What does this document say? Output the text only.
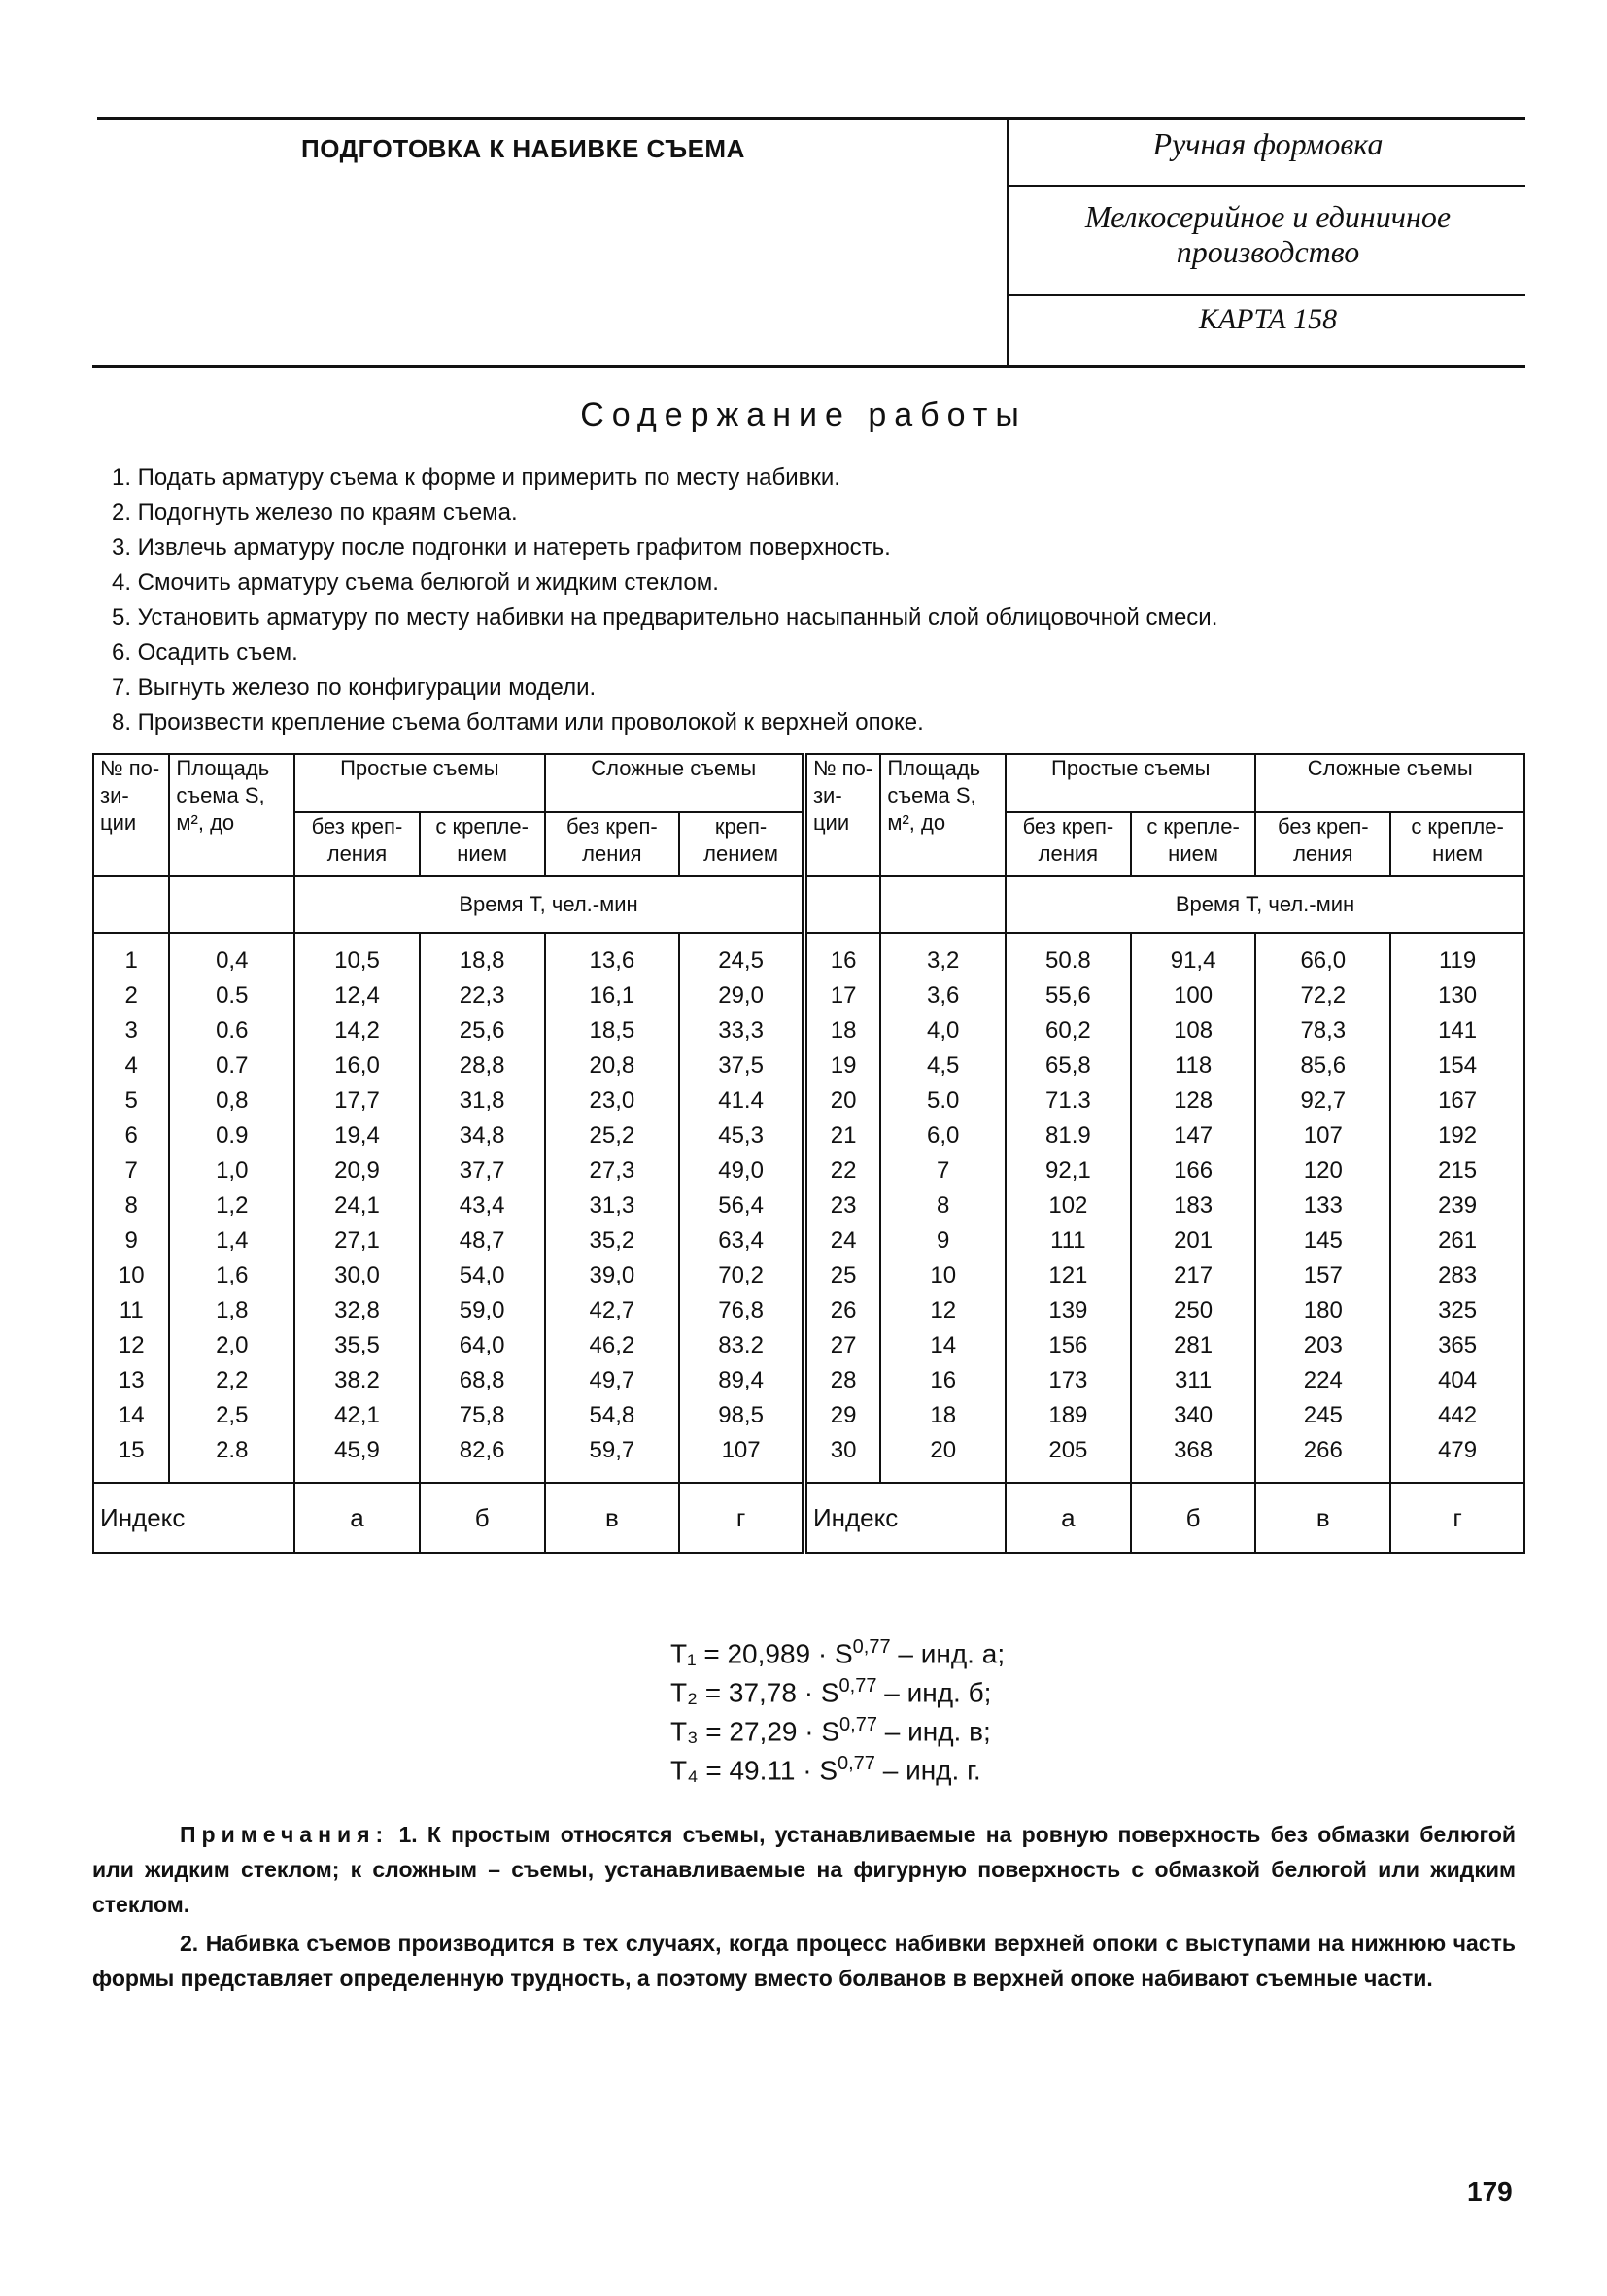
ПОДГОТОВКА К НАБИВКЕ СЪЕМА	Ручная формовка
Мелкосерийное и единичное
производство
КАРТА 158
Содержание работы
1. Подать арматуру съема к форме и примерить по месту набивки.
2. Подогнуть железо по краям съема.
3. Извлечь арматуру после подгонки и натереть графитом поверхность.
4. Смочить арматуру съема белюгой и жидким стеклом.
5. Установить арматуру по месту набивки на предварительно насыпанный слой облицовочной смеси.
6. Осадить съем.
7. Выгнуть железо по конфигурации модели.
8. Произвести крепление съема болтами или проволокой к верхней опоке.
№ по-зи-ции	Площадь съема S, м², до	Простые съемы		Сложные съемы		№ по-зи-ции	Площадь съема S, м², до	Простые съемы		Сложные съемы	
		без креп-ления	с крепле-нием	без креп-ления	креп-лением			без креп-ления	с крепле-нием	без креп-ления	с крепле-нием
		Время Т, чел.-мин						Время Т, чел.-мин			
1	0,4	10,5	18,8	13,6	24,5	16	3,2	50.8	91,4	66,0	119
2	0.5	12,4	22,3	16,1	29,0	17	3,6	55,6	100	72,2	130
3	0.6	14,2	25,6	18,5	33,3	18	4,0	60,2	108	78,3	141
4	0.7	16,0	28,8	20,8	37,5	19	4,5	65,8	118	85,6	154
5	0,8	17,7	31,8	23,0	41.4	20	5.0	71.3	128	92,7	167
6	0.9	19,4	34,8	25,2	45,3	21	6,0	81.9	147	107	192
7	1,0	20,9	37,7	27,3	49,0	22	7	92,1	166	120	215
8	1,2	24,1	43,4	31,3	56,4	23	8	102	183	133	239
9	1,4	27,1	48,7	35,2	63,4	24	9	111	201	145	261
10	1,6	30,0	54,0	39,0	70,2	25	10	121	217	157	283
11	1,8	32,8	59,0	42,7	76,8	26	12	139	250	180	325
12	2,0	35,5	64,0	46,2	83.2	27	14	156	281	203	365
13	2,2	38.2	68,8	49,7	89,4	28	16	173	311	224	404
14	2,5	42,1	75,8	54,8	98,5	29	18	189	340	245	442
15	2.8	45,9	82,6	59,7	107	30	20	205	368	266	479
Индекс		а	б	в	г	Индекс		а	б	в	г
T₁ = 20,989 · S$^{0,77}$ – инд. а;
T₂ = 37,78 · S$^{0,77}$ – инд. б;
T₃ = 27,29 · S$^{0,77}$ – инд. в;
T₄ = 49.11 · S$^{0,77}$ – инд. г.

Примечания: 1. К простым относятся съемы, устанавливаемые на ровную поверхность без обмазки белюгой или жидким стеклом; к сложным – съемы, устанавливаемые на фигурную поверхность с обмазкой белюгой или жидким стеклом.

2. Набивка съемов производится в тех случаях, когда процесс набивки верхней опоки с выступами на нижнюю часть формы представляет определенную трудность, а поэтому вместо болванов в верхней опоке набивают съемные части.

179
